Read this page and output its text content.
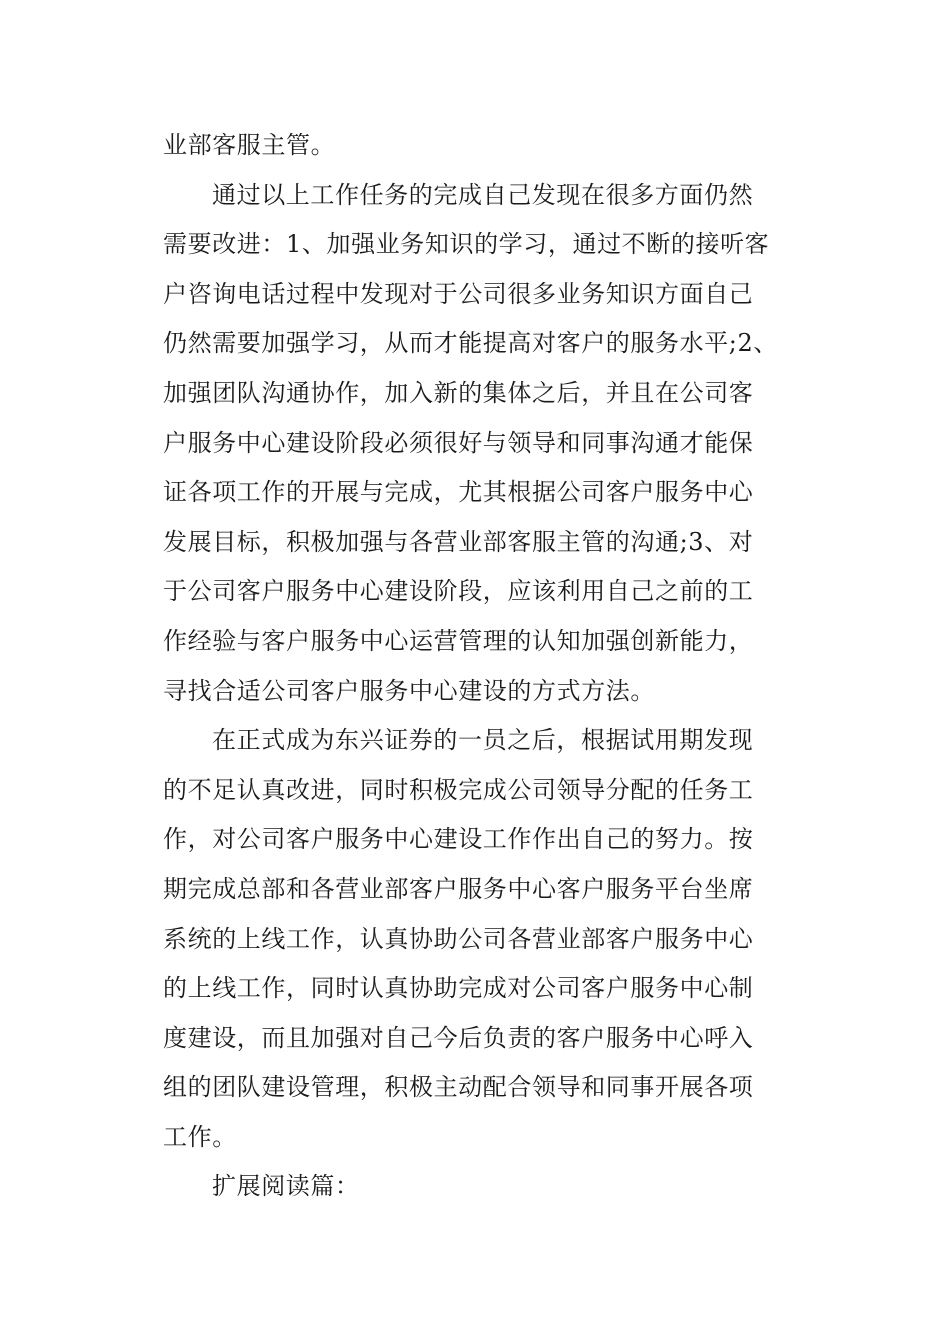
业部客服主管。
通过以上工作任务的完成自己发现在很多方面仍然
需要改进：1、加强业务知识的学习，通过不断的接听客
户咨询电话过程中发现对于公司很多业务知识方面自己
仍然需要加强学习，从而才能提高对客户的服务水平;2、
加强团队沟通协作，加入新的集体之后，并且在公司客
户服务中心建设阶段必须很好与领导和同事沟通才能保
证各项工作的开展与完成，尤其根据公司客户服务中心
发展目标，积极加强与各营业部客服主管的沟通;3、对
于公司客户服务中心建设阶段，应该利用自己之前的工
作经验与客户服务中心运营管理的认知加强创新能力，
寻找合适公司客户服务中心建设的方式方法。
在正式成为东兴证券的一员之后，根据试用期发现
的不足认真改进，同时积极完成公司领导分配的任务工
作，对公司客户服务中心建设工作作出自己的努力。按
期完成总部和各营业部客户服务中心客户服务平台坐席
系统的上线工作，认真协助公司各营业部客户服务中心
的上线工作，同时认真协助完成对公司客户服务中心制
度建设，而且加强对自己今后负责的客户服务中心呼入
组的团队建设管理，积极主动配合领导和同事开展各项
工作。
扩展阅读篇：
